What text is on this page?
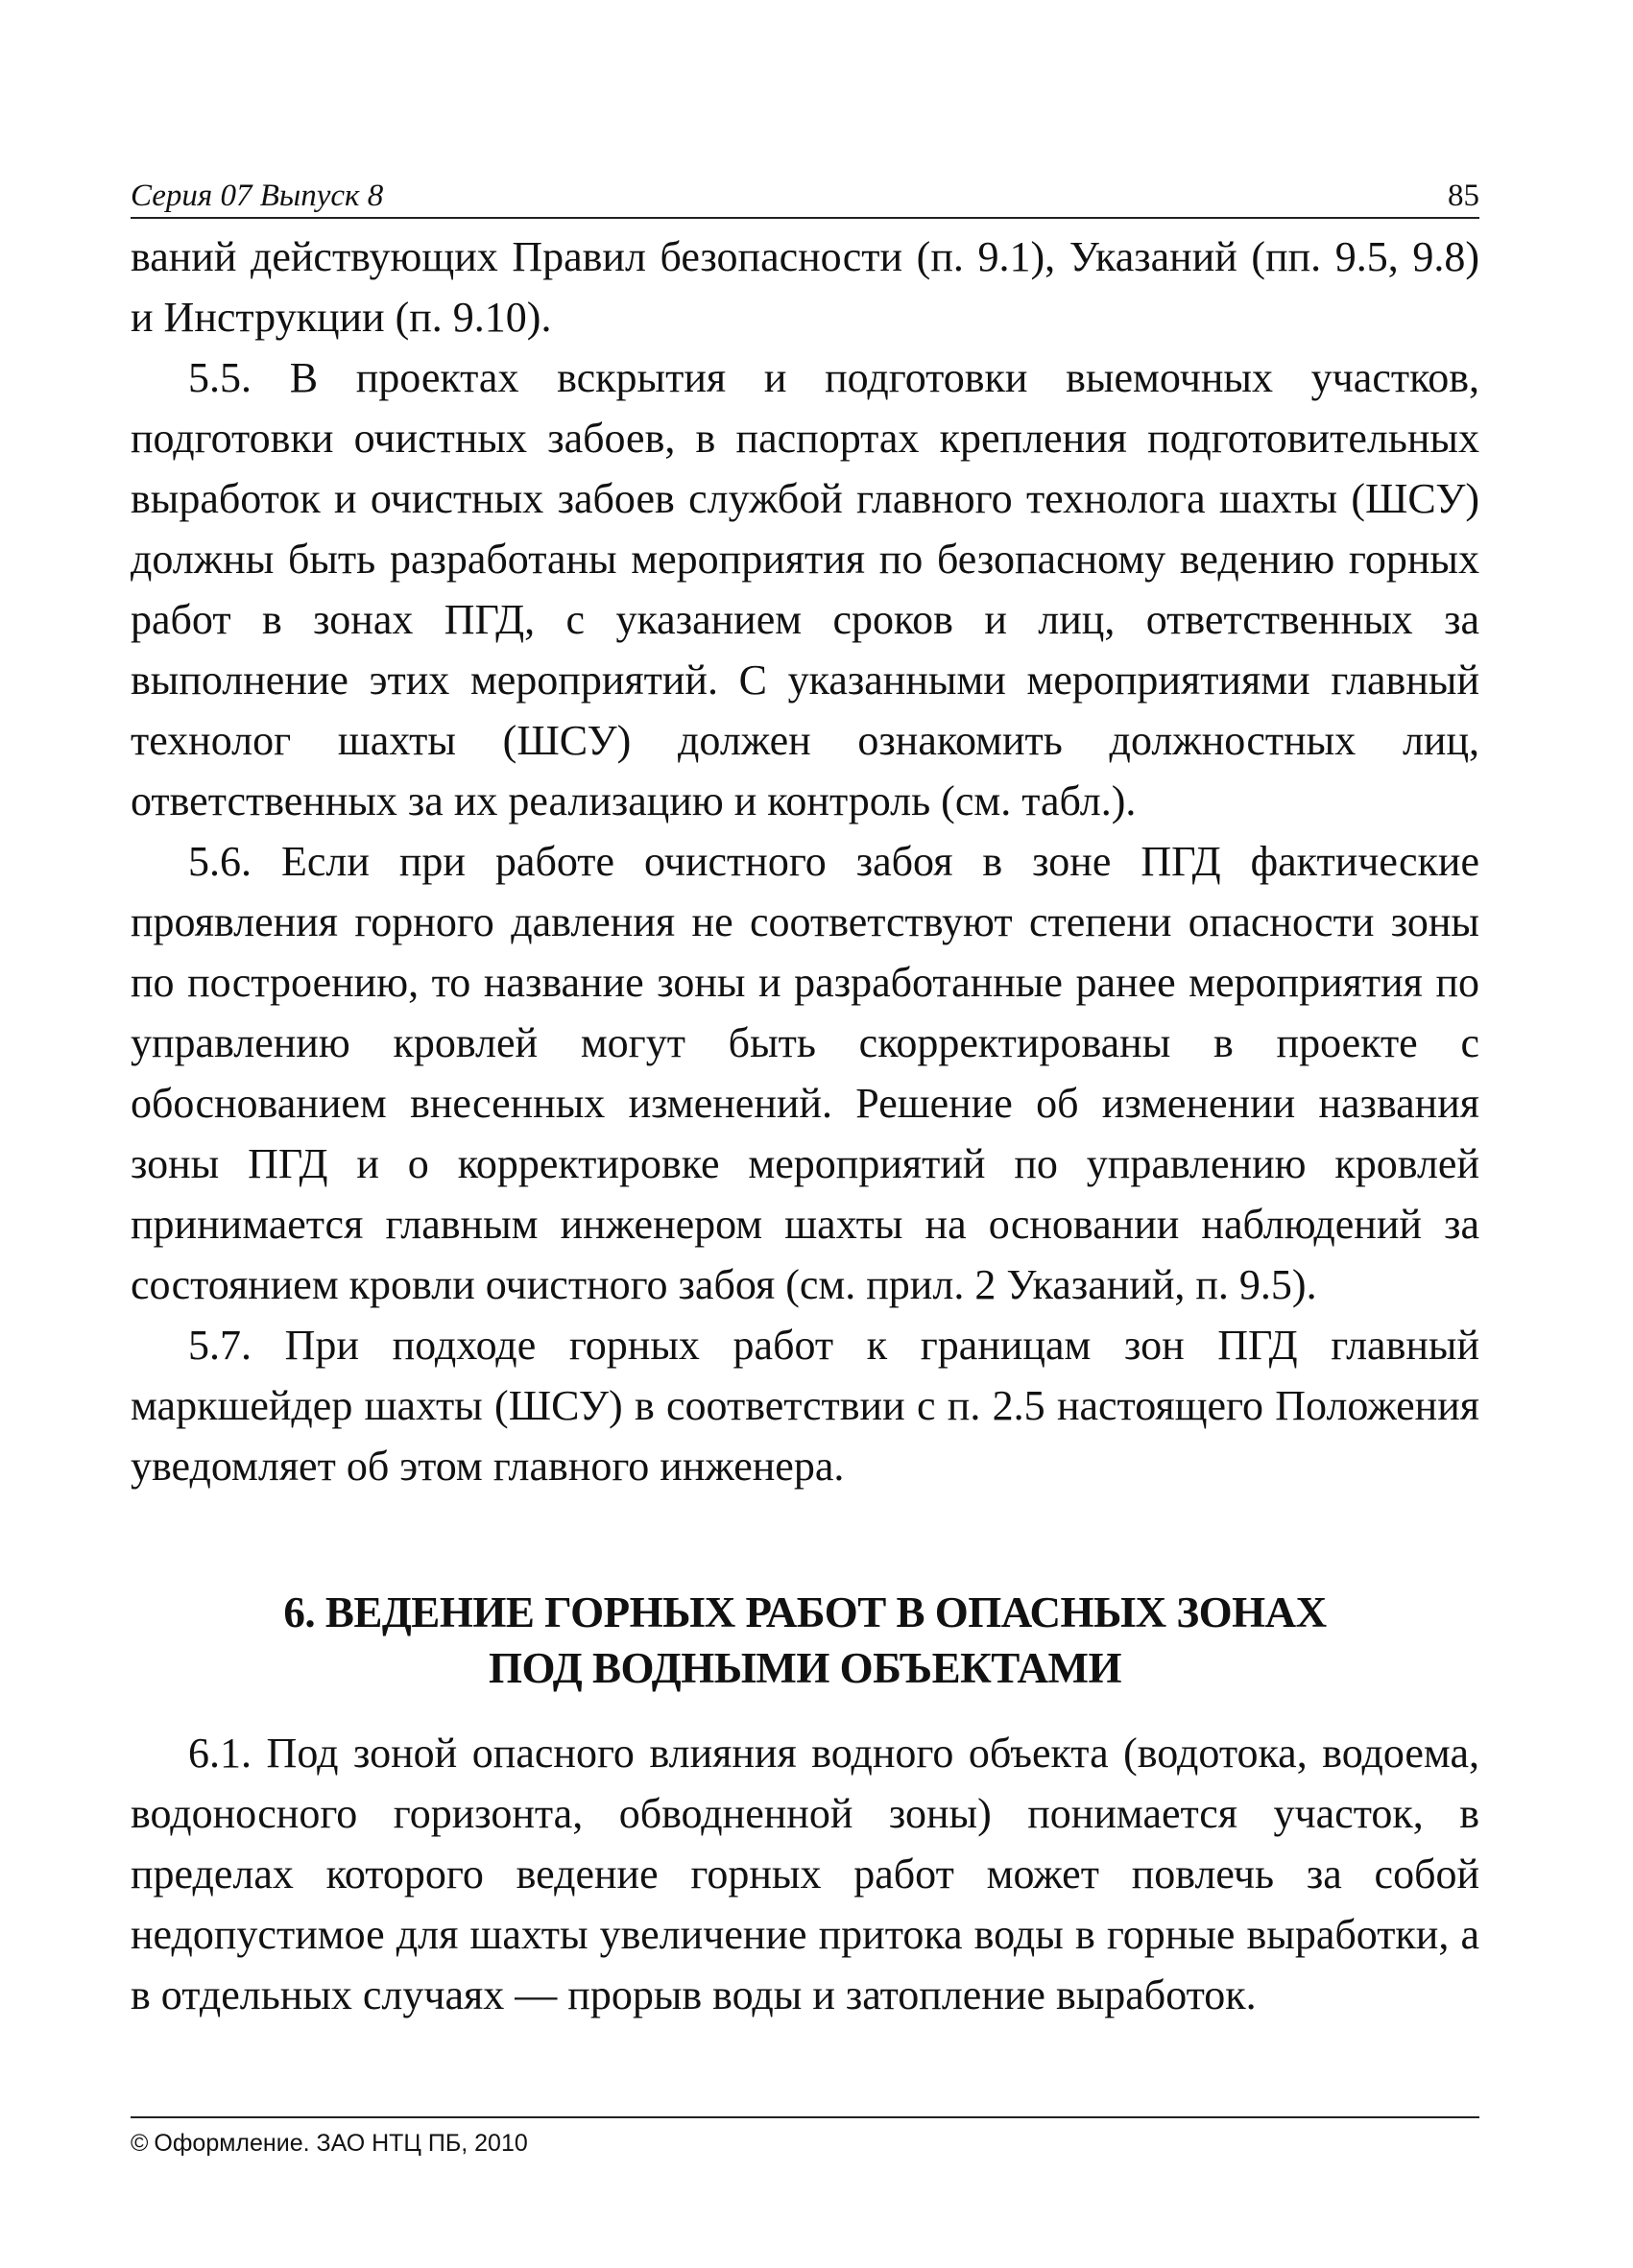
Серия 07 Выпуск 8	85

ваний действующих Правил безопасности (п. 9.1), Указаний (пп. 9.5, 9.8) и Инструкции (п. 9.10).

5.5. В проектах вскрытия и подготовки выемочных участков, подготовки очистных забоев, в паспортах крепления подготовительных выработок и очистных забоев службой главного технолога шахты (ШСУ) должны быть разработаны мероприятия по безопасному ведению горных работ в зонах ПГД, с указанием сроков и лиц, ответственных за выполнение этих мероприятий. С указанными мероприятиями главный технолог шахты (ШСУ) должен ознакомить должностных лиц, ответственных за их реализацию и контроль (см. табл.).

5.6. Если при работе очистного забоя в зоне ПГД фактические проявления горного давления не соответствуют степени опасности зоны по построению, то название зоны и разработанные ранее мероприятия по управлению кровлей могут быть скорректированы в проекте с обоснованием внесенных изменений. Решение об изменении названия зоны ПГД и о корректировке мероприятий по управлению кровлей принимается главным инженером шахты на основании наблюдений за состоянием кровли очистного забоя (см. прил. 2 Указаний, п. 9.5).

5.7. При подходе горных работ к границам зон ПГД главный маркшейдер шахты (ШСУ) в соответствии с п. 2.5 настоящего Положения уведомляет об этом главного инженера.

6. ВЕДЕНИЕ ГОРНЫХ РАБОТ В ОПАСНЫХ ЗОНАХ
ПОД ВОДНЫМИ ОБЪЕКТАМИ

6.1. Под зоной опасного влияния водного объекта (водотока, водоема, водоносного горизонта, обводненной зоны) понимается участок, в пределах которого ведение горных работ может повлечь за собой недопустимое для шахты увеличение притока воды в горные выработки, а в отдельных случаях — прорыв воды и затопление выработок.

© Оформление. ЗАО НТЦ ПБ, 2010
